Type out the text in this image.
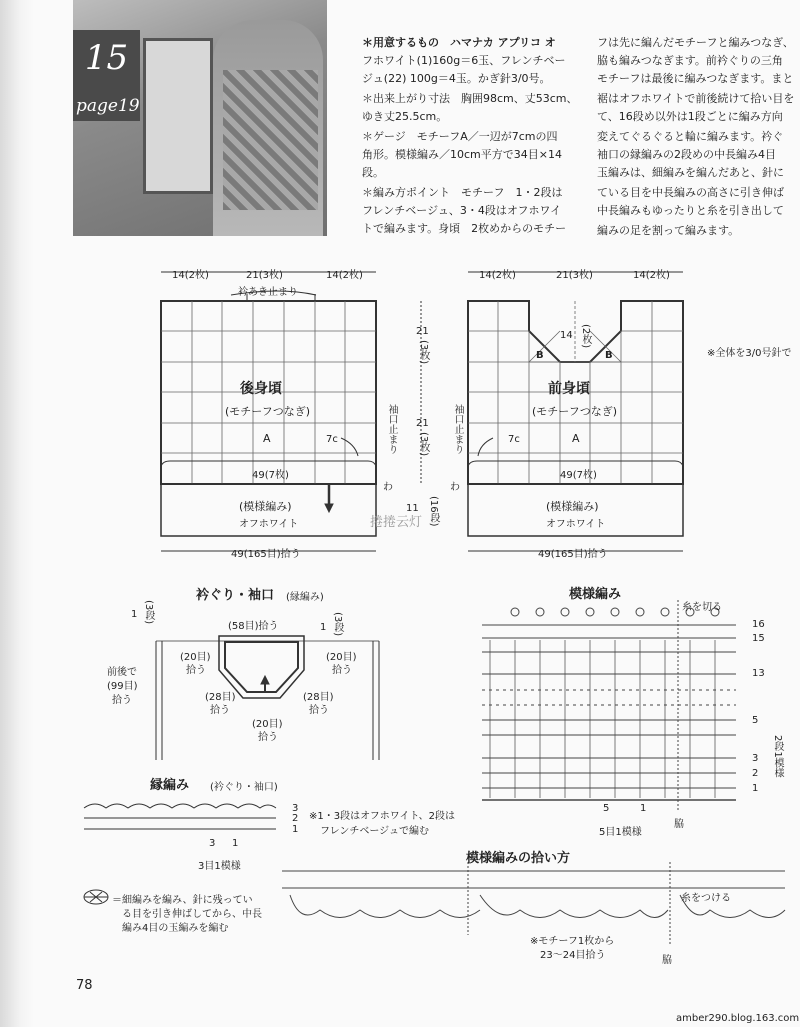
15
page19
＊用意するもの　ハマナカ アプリコ オ
フホワイト(1)160g＝6玉、フレンチベー
ジュ(22) 100g＝4玉。かぎ針3/0号。
＊出来上がり寸法　胸囲98cm、丈53cm、
ゆき丈25.5cm。
＊ゲージ　モチーフA／一辺が7cmの四
角形。模様編み／10cm平方で34目×14
段。
＊編み方ポイント　モチーフ　1・2段は
フレンチベージュ、3・4段はオフホワイ
トで編みます。身頃　2枚めからのモチー
フは先に編んだモチーフと編みつなぎ、
脇も編みつなぎます。前衿ぐりの三角
モチーフは最後に編みつなぎます。まと
裾はオフホワイトで前後続けて拾い目を
て、16段め以外は1段ごとに編み方向
変えてぐるぐると輪に編みます。衿ぐ
袖口の縁編みの2段めの中長編み4目
玉編みは、細編みを編んだあと、針に
ている目を中長編みの高さに引き伸ば
中長編みもゆったりと糸を引き出して
編みの足を割って編みます。
14(2枚)	21(3枚)	14(2枚)
衿あき止まり
後身頃
(モチーフつなぎ)
A	7c
49(7枚)
(模様編み)
オフホワイト
49(165目)拾う
14(2枚)	21(3枚)	14(2枚)
14 (2枚)
B	B
前身頃
(モチーフつなぎ)
A
7c
49(7枚)
(模様編み)
オフホワイト
49(165目)拾う
21
(3枚)
21
(3枚)
袖口止まり	袖口止まり
わ	わ
11 (16段)
※全体を3/0号針で
捲捲云灯
衿ぐり・袖口 (縁編み)
(58目)拾う
(20目)
拾う
(20目)
拾う
(28目)
拾う
(28目)
拾う
(20目)
拾う
1 (3段)
1 (3段)
前後で
(99目)
拾う
縁編み (衿ぐり・袖口)
3
2
1
3 1
3目1模様
※1・3段はオフホワイト、2段は
フレンチベージュで編む
模様編み
糸を切る
16
15
13
5
3
2
1
2段1模様
5	1
5目1模様
脇
模様編みの拾い方
糸をつける
※モチーフ1枚から
23〜24目拾う	脇
＝細編みを編み、針に残ってい
る目を引き伸ばしてから、中長
編み4目の玉編みを編む
78
amber290.blog.163.com
